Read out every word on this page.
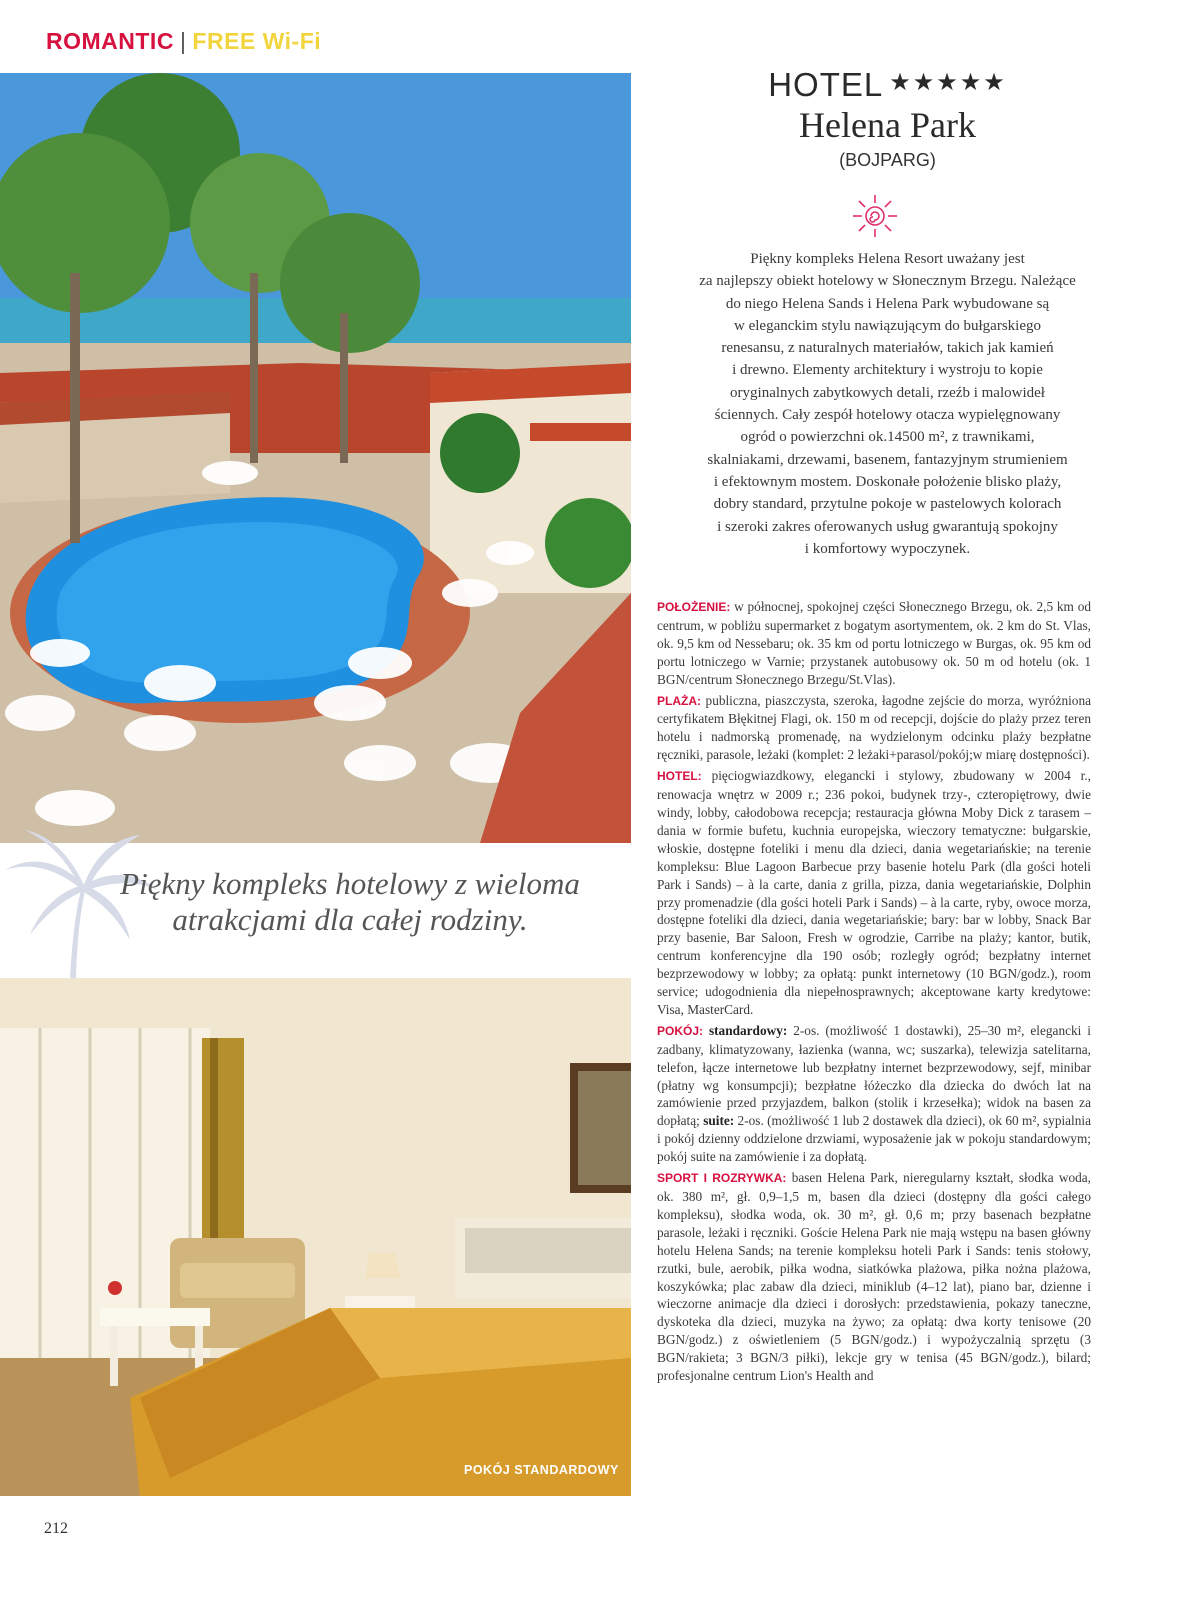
ROMANTIC | FREE Wi-Fi
HOTEL ★★★★★
Helena Park
(BOJPARG)
Piękny kompleks Helena Resort uważany jest
za najlepszy obiekt hotelowy w Słonecznym Brzegu. Należące
do niego Helena Sands i Helena Park wybudowane są
w eleganckim stylu nawiązującym do bułgarskiego
renesansu, z naturalnych materiałów, takich jak kamień
i drewno. Elementy architektury i wystroju to kopie
oryginalnych zabytkowych detali, rzeźb i malowideł
ściennych. Cały zespół hotelowy otacza wypielęgnowany
ogród o powierzchni ok.14500 m², z trawnikami,
skalniakami, drzewami, basenem, fantazyjnym strumieniem
i efektownym mostem. Doskonałe położenie blisko plaży,
dobry standard, przytulne pokoje w pastelowych kolorach
i szeroki zakres oferowanych usług gwarantują spokojny
i komfortowy wypoczynek.

POŁOŻENIE: w północnej, spokojnej części Słonecznego Brzegu, ok. 2,5 km od centrum, w pobliżu supermarket z bogatym asortymentem, ok. 2 km do St. Vlas, ok. 9,5 km od Nessebaru; ok. 35 km od portu lotniczego w Burgas, ok. 95 km od portu lotniczego w Varnie; przystanek autobusowy ok. 50 m od hotelu (ok. 1 BGN/centrum Słonecznego Brzegu/St.Vlas).

PLAŻA: publiczna, piaszczysta, szeroka, łagodne zejście do morza, wyróżniona certyfikatem Błękitnej Flagi, ok. 150 m od recepcji, dojście do plaży przez teren hotelu i nadmorską promenadę, na wydzielonym odcinku plaży bezpłatne ręczniki, parasole, leżaki (komplet: 2 leżaki+parasol/pokój;w miarę dostępności).

HOTEL: pięciogwiazdkowy, elegancki i stylowy, zbudowany w 2004 r., renowacja wnętrz w 2009 r.; 236 pokoi, budynek trzy-, czteropiętrowy, dwie windy, lobby, całodobowa recepcja; restauracja główna Moby Dick z tarasem – dania w formie bufetu, kuchnia europejska, wieczory tematyczne: bułgarskie, włoskie, dostępne foteliki i menu dla dzieci, dania wegetariańskie; na terenie kompleksu: Blue Lagoon Barbecue przy basenie hotelu Park (dla gości hoteli Park i Sands) – à la carte, dania z grilla, pizza, dania wegetariańskie, Dolphin przy promenadzie (dla gości hoteli Park i Sands) – à la carte, ryby, owoce morza, dostępne foteliki dla dzieci, dania wegetariańskie; bary: bar w lobby, Snack Bar przy basenie, Bar Saloon, Fresh w ogrodzie, Carribe na plaży; kantor, butik, centrum konferencyjne dla 190 osób; rozległy ogród; bezpłatny internet bezprzewodowy w lobby; za opłatą: punkt internetowy (10 BGN/godz.), room service; udogodnienia dla niepełnosprawnych; akceptowane karty kredytowe: Visa, MasterCard.

POKÓJ: standardowy: 2-os. (możliwość 1 dostawki), 25–30 m², elegancki i zadbany, klimatyzowany, łazienka (wanna, wc; suszarka), telewizja satelitarna, telefon, łącze internetowe lub bezpłatny internet bezprzewodowy, sejf, minibar (płatny wg konsumpcji); bezpłatne łóżeczko dla dziecka do dwóch lat na zamówienie przed przyjazdem, balkon (stolik i krzesełka); widok na basen za dopłatą; suite: 2-os. (możliwość 1 lub 2 dostawek dla dzieci), ok 60 m², sypialnia i pokój dzienny oddzielone drzwiami, wyposażenie jak w pokoju standardowym; pokój suite na zamówienie i za dopłatą.

SPORT I ROZRYWKA: basen Helena Park, nieregularny kształt, słodka woda, ok. 380 m², gł. 0,9–1,5 m, basen dla dzieci (dostępny dla gości całego kompleksu), słodka woda, ok. 30 m², gł. 0,6 m; przy basenach bezpłatne parasole, leżaki i ręczniki. Goście Helena Park nie mają wstępu na basen główny hotelu Helena Sands; na terenie kompleksu hoteli Park i Sands: tenis stołowy, rzutki, bule, aerobik, piłka wodna, siatkówka plażowa, piłka nożna plażowa, koszykówka; plac zabaw dla dzieci, miniklub (4–12 lat), piano bar, dzienne i wieczorne animacje dla dzieci i dorosłych: przedstawienia, pokazy taneczne, dyskoteka dla dzieci, muzyka na żywo; za opłatą: dwa korty tenisowe (20 BGN/godz.) z oświetleniem (5 BGN/godz.) i wypożyczalnią sprzętu (3 BGN/rakieta; 3 BGN/3 piłki), lekcje gry w tenisa (45 BGN/godz.), bilard; profesjonalne centrum Lion's Health and

Piękny kompleks hotelowy z wieloma
atrakcjami dla całej rodziny.
POKÓJ STANDARDOWY
212
